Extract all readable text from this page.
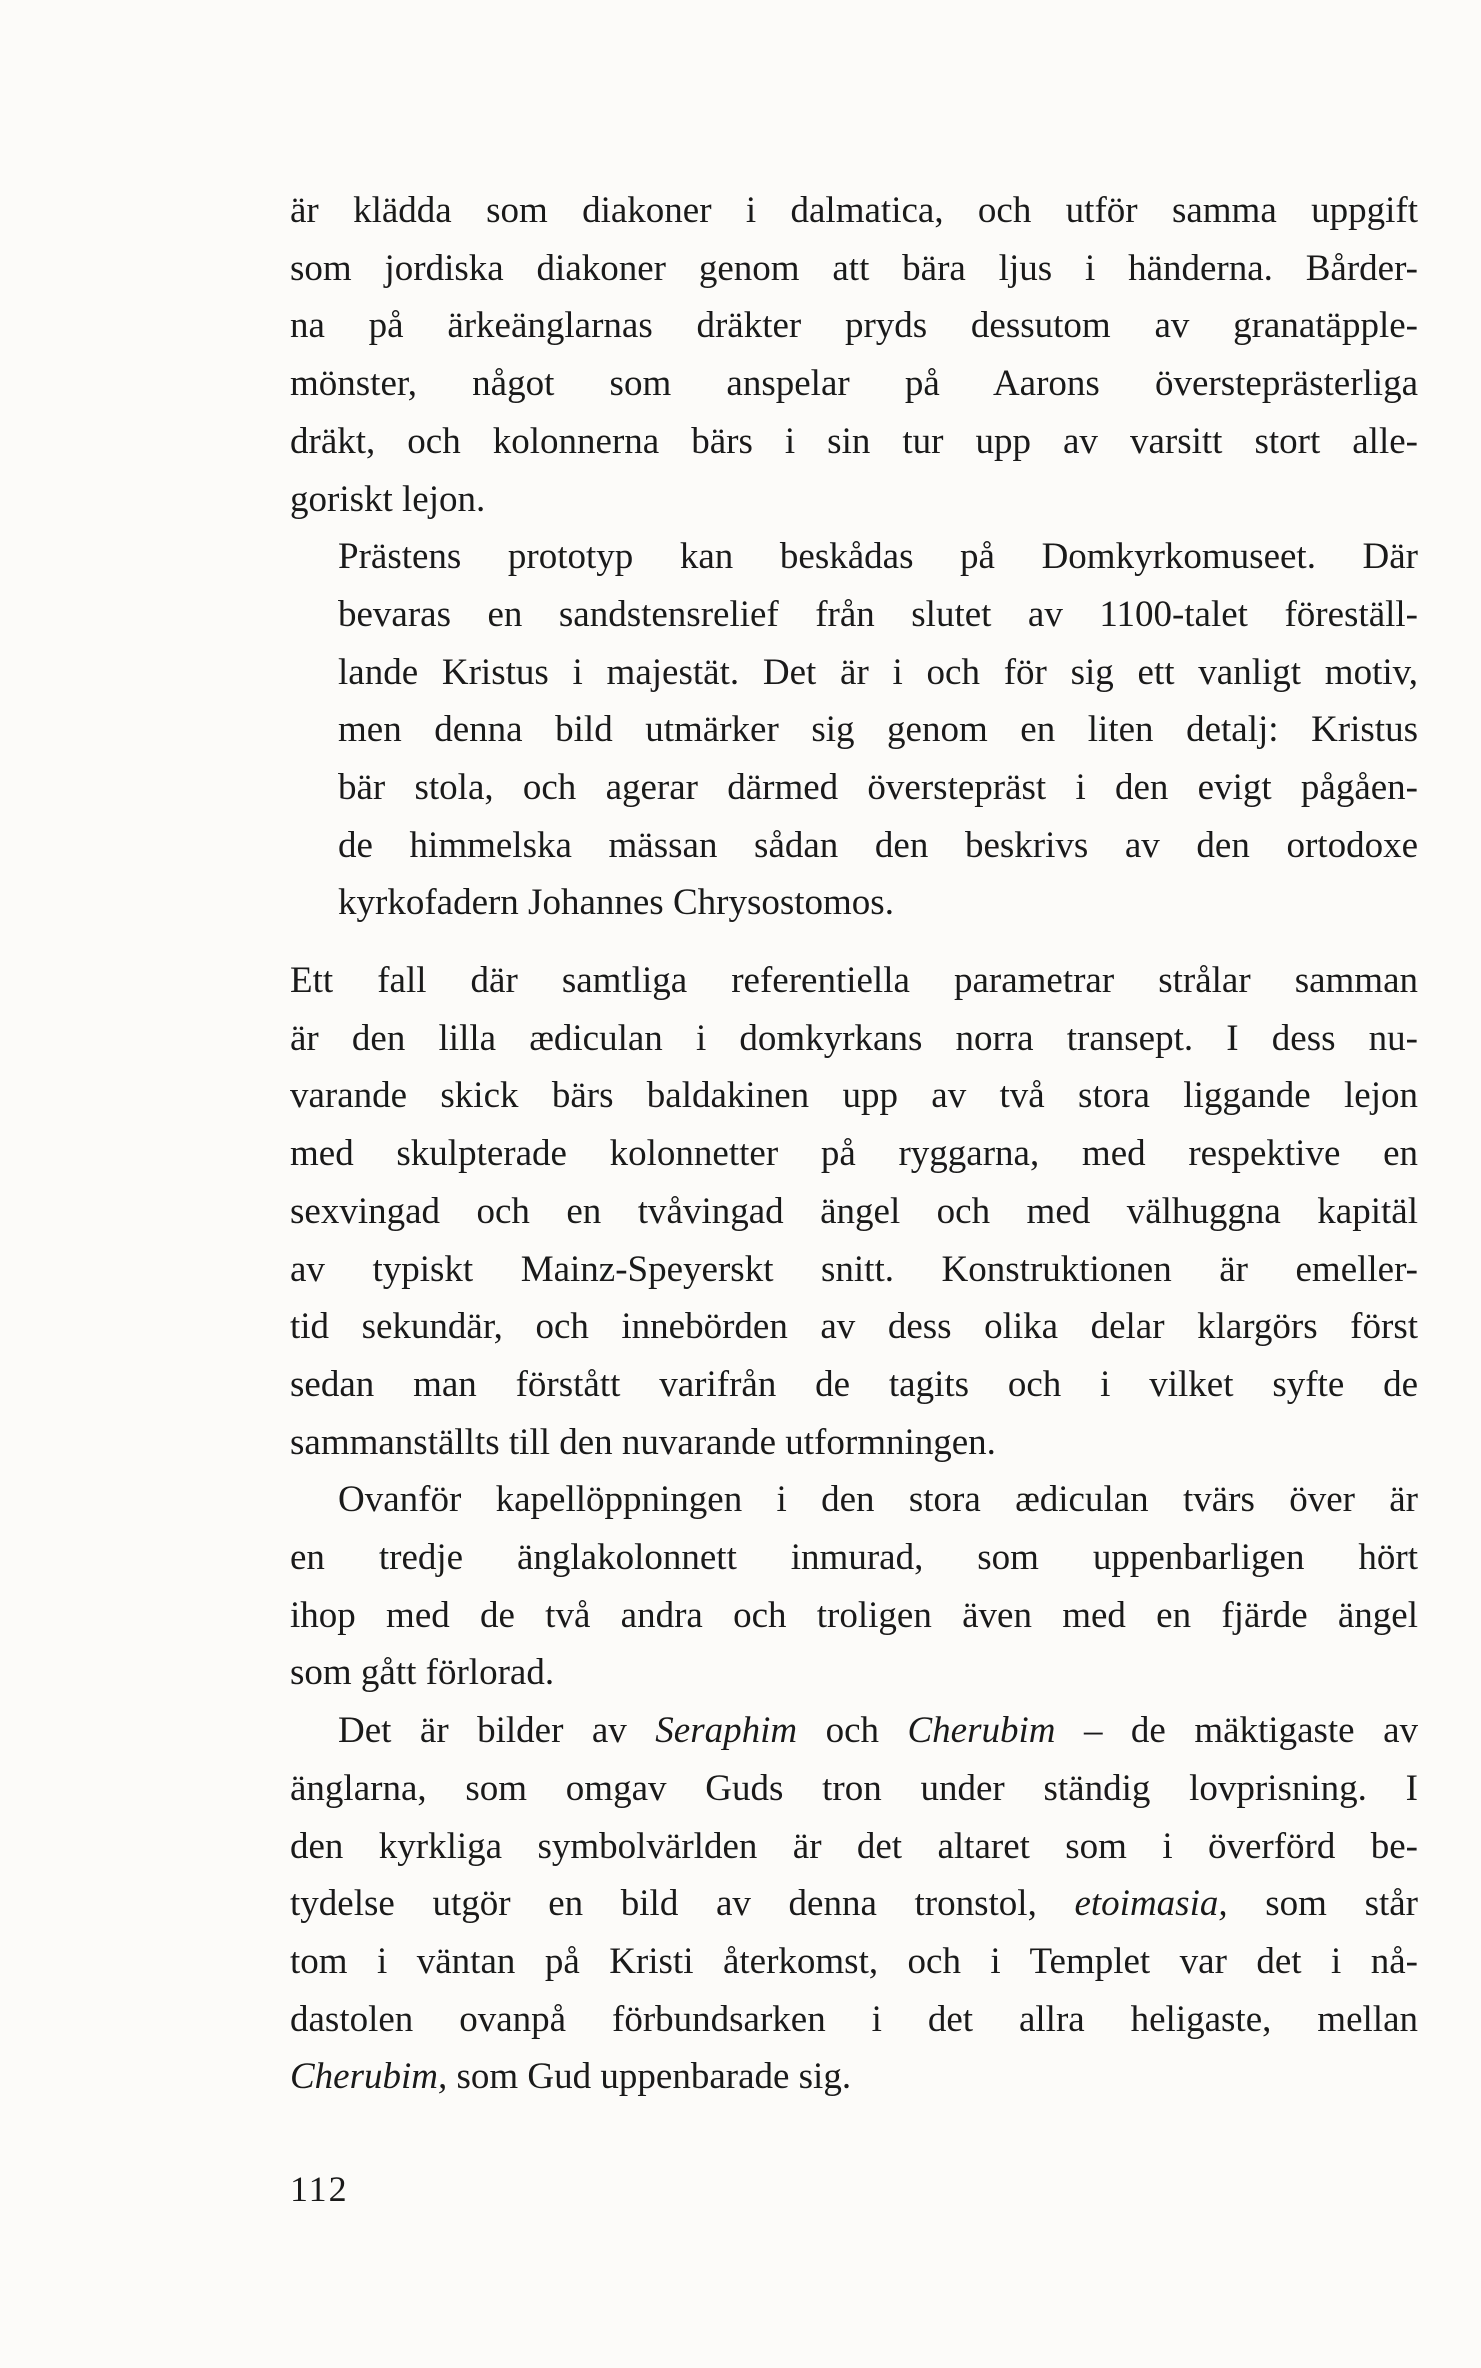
är klädda som diakoner i dalmatica, och utför samma uppgift
som jordiska diakoner genom att bära ljus i händerna. Bårder-
na på ärkeänglarnas dräkter pryds dessutom av granatäpple-
mönster, något som anspelar på Aarons översteprästerliga
dräkt, och kolonnerna bärs i sin tur upp av varsitt stort alle-
goriskt lejon.

Prästens prototyp kan beskådas på Domkyrkomuseet. Där
bevaras en sandstensrelief från slutet av 1100-talet föreställ-
lande Kristus i majestät. Det är i och för sig ett vanligt motiv,
men denna bild utmärker sig genom en liten detalj: Kristus
bär stola, och agerar därmed överstepräst i den evigt pågåen-
de himmelska mässan sådan den beskrivs av den ortodoxe
kyrkofadern Johannes Chrysostomos.

Ett fall där samtliga referentiella parametrar strålar samman
är den lilla ædiculan i domkyrkans norra transept. I dess nu-
varande skick bärs baldakinen upp av två stora liggande lejon
med skulpterade kolonnetter på ryggarna, med respektive en
sexvingad och en tvåvingad ängel och med välhuggna kapitäl
av typiskt Mainz-Speyerskt snitt. Konstruktionen är emeller-
tid sekundär, och innebörden av dess olika delar klargörs först
sedan man förstått varifrån de tagits och i vilket syfte de
sammanställts till den nuvarande utformningen.

Ovanför kapellöppningen i den stora ædiculan tvärs över är
en tredje änglakolonnett inmurad, som uppenbarligen hört
ihop med de två andra och troligen även med en fjärde ängel
som gått förlorad.

Det är bilder av Seraphim och Cherubim – de mäktigaste av
änglarna, som omgav Guds tron under ständig lovprisning. I
den kyrkliga symbolvärlden är det altaret som i överförd be-
tydelse utgör en bild av denna tronstol, etoimasia, som står
tom i väntan på Kristi återkomst, och i Templet var det i nå-
dastolen ovanpå förbundsarken i det allra heligaste, mellan
Cherubim, som Gud uppenbarade sig.

112
